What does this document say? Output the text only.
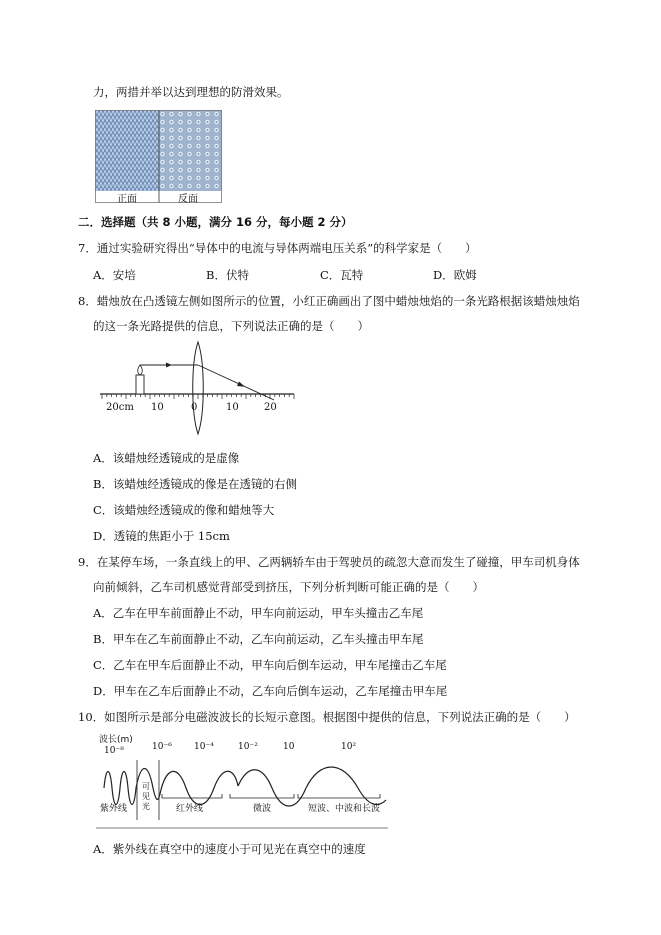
力，两措并举以达到理想的防滑效果。
正面	反面
二．选择题（共 8 小题，满分 16 分，每小题 2 分）
7．通过实验研究得出“导体中的电流与导体两端电压关系”的科学家是（　　）
A．安培	B．伏特	C．瓦特	D．欧姆
8．蜡烛放在凸透镜左侧如图所示的位置，小红正确画出了图中蜡烛烛焰的一条光路根据该蜡烛烛焰
的这一条光路提供的信息，下列说法正确的是（　　）
20cm 10	0	10	20
A．该蜡烛经透镜成的是虚像
B．该蜡烛经透镜成的像是在透镜的右侧
C．该蜡烛经透镜成的像和蜡烛等大
D．透镜的焦距小于 15cm
9．在某停车场，一条直线上的甲、乙两辆轿车由于驾驶员的疏忽大意而发生了碰撞，甲车司机身体
向前倾斜，乙车司机感觉背部受到挤压，下列分析判断可能正确的是（　　）
A．乙车在甲车前面静止不动，甲车向前运动，甲车头撞击乙车尾
B．甲车在乙车前面静止不动，乙车向前运动，乙车头撞击甲车尾
C．乙车在甲车后面静止不动，甲车向后倒车运动，甲车尾撞击乙车尾
D．甲车在乙车后面静止不动，乙车向后倒车运动，乙车尾撞击甲车尾
10．如图所示是部分电磁波波长的长短示意图。根据图中提供的信息，下列说法正确的是（　　）
波长(m)
10⁻⁸	10⁻⁶ 10⁻⁴	10⁻²	10	10²
紫外线
可见光	红外线	微波	短波、中波和长波
A．紫外线在真空中的速度小于可见光在真空中的速度
